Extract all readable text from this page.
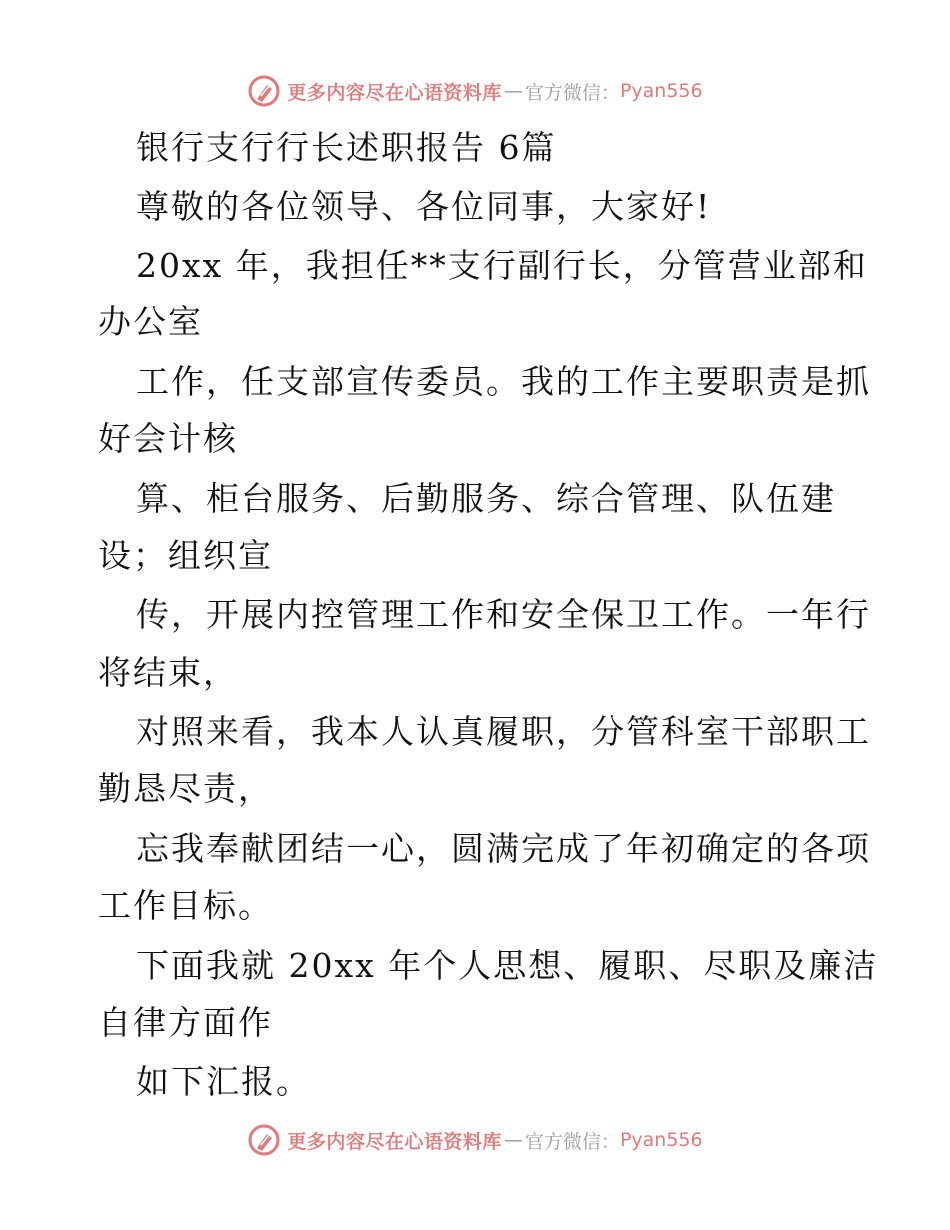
更多内容尽在心语资料库 — 官方微信： Pyan556
银行支行行长述职报告 6篇
尊敬的各位领导、各位同事，大家好!
20xx 年，我担任**支行副行长，分管营业部和
办公室
工作，任支部宣传委员。我的工作主要职责是抓
好会计核
算、柜台服务、后勤服务、综合管理、队伍建
设；组织宣
传，开展内控管理工作和安全保卫工作。一年行
将结束，
对照来看，我本人认真履职，分管科室干部职工
勤恳尽责，
忘我奉献团结一心，圆满完成了年初确定的各项
工作目标。
下面我就 20xx 年个人思想、履职、尽职及廉洁
自律方面作
如下汇报。
更多内容尽在心语资料库 — 官方微信： Pyan556
